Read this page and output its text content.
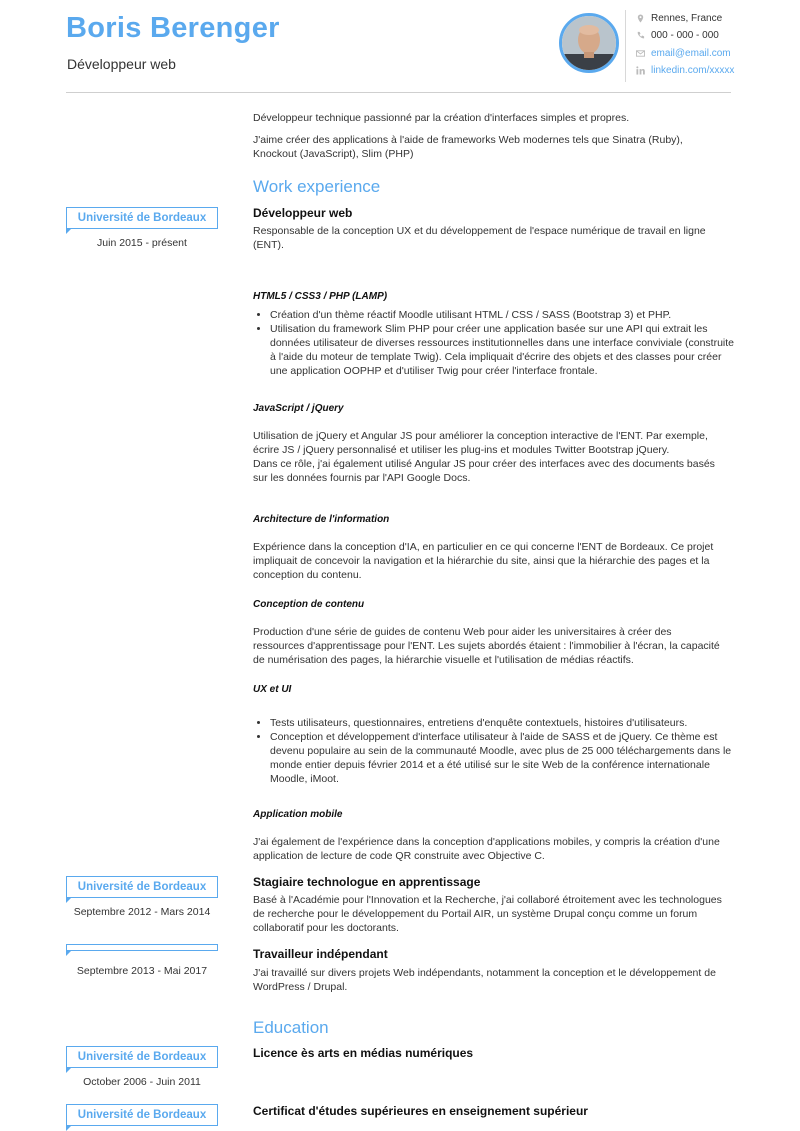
Boris Berenger
Développeur web
Rennes, France
000 - 000 - 000
email@email.com
linkedin.com/xxxxx

Développeur technique passionné par la création d'interfaces simples et propres.

J'aime créer des applications à l'aide de frameworks Web modernes tels que Sinatra (Ruby), Knockout (JavaScript), Slim (PHP)

Work experience
Développeur web

Responsable de la conception UX et du développement de l'espace numérique de travail en ligne (ENT).

HTML5 / CSS3 / PHP (LAMP)
• Création d'un thème réactif Moodle utilisant HTML / CSS / SASS (Bootstrap 3) et PHP.
• Utilisation du framework Slim PHP pour créer une application basée sur une API qui extrait les données utilisateur de diverses ressources institutionnelles dans une interface conviviale (construite à l'aide du moteur de template Twig). Cela impliquait d'écrire des objets et des classes pour créer une application OOPHP et d'utiliser Twig pour créer l'interface frontale.
JavaScript / jQuery

Utilisation de jQuery et Angular JS pour améliorer la conception interactive de l'ENT. Par exemple, écrire JS / jQuery personnalisé et utiliser les plug-ins et modules Twitter Bootstrap jQuery.

Dans ce rôle, j'ai également utilisé Angular JS pour créer des interfaces avec des documents basés sur les données fournis par l'API Google Docs.

Architecture de l'information

Expérience dans la conception d'IA, en particulier en ce qui concerne l'ENT de Bordeaux. Ce projet impliquait de concevoir la navigation et la hiérarchie du site, ainsi que la hiérarchie des pages et la conception du contenu.

Conception de contenu

Production d'une série de guides de contenu Web pour aider les universitaires à créer des ressources d'apprentissage pour l'ENT. Les sujets abordés étaient : l'immobilier à l'écran, la capacité de numérisation des pages, la hiérarchie visuelle et l'utilisation de médias réactifs.

UX et UI
• Tests utilisateurs, questionnaires, entretiens d'enquête contextuels, histoires d'utilisateurs.
• Conception et développement d'interface utilisateur à l'aide de SASS et de jQuery. Ce thème est devenu populaire au sein de la communauté Moodle, avec plus de 25 000 téléchargements dans le monde entier depuis février 2014 et a été utilisé sur le site Web de la conférence internationale Moodle, iMoot.
Application mobile

J'ai également de l'expérience dans la conception d'applications mobiles, y compris la création d'une application de lecture de code QR construite avec Objective C.

Stagiaire technologue en apprentissage

Basé à l'Académie pour l'Innovation et la Recherche, j'ai collaboré étroitement avec les technologues de recherche pour le développement du Portail AIR, un système Drupal conçu comme un forum collaboratif pour les doctorants.

Travailleur indépendant

J'ai travaillé sur divers projets Web indépendants, notamment la conception et le développement de WordPress / Drupal.

Education
Licence ès arts en médias numériques
Certificat d'études supérieures en enseignement supérieur
Université de Bordeaux
Juin 2015 - présent
Université de Bordeaux
Septembre 2012 - Mars 2014
Septembre 2013 - Mai 2017
Université de Bordeaux
October 2006 - Juin 2011
Université de Bordeaux
